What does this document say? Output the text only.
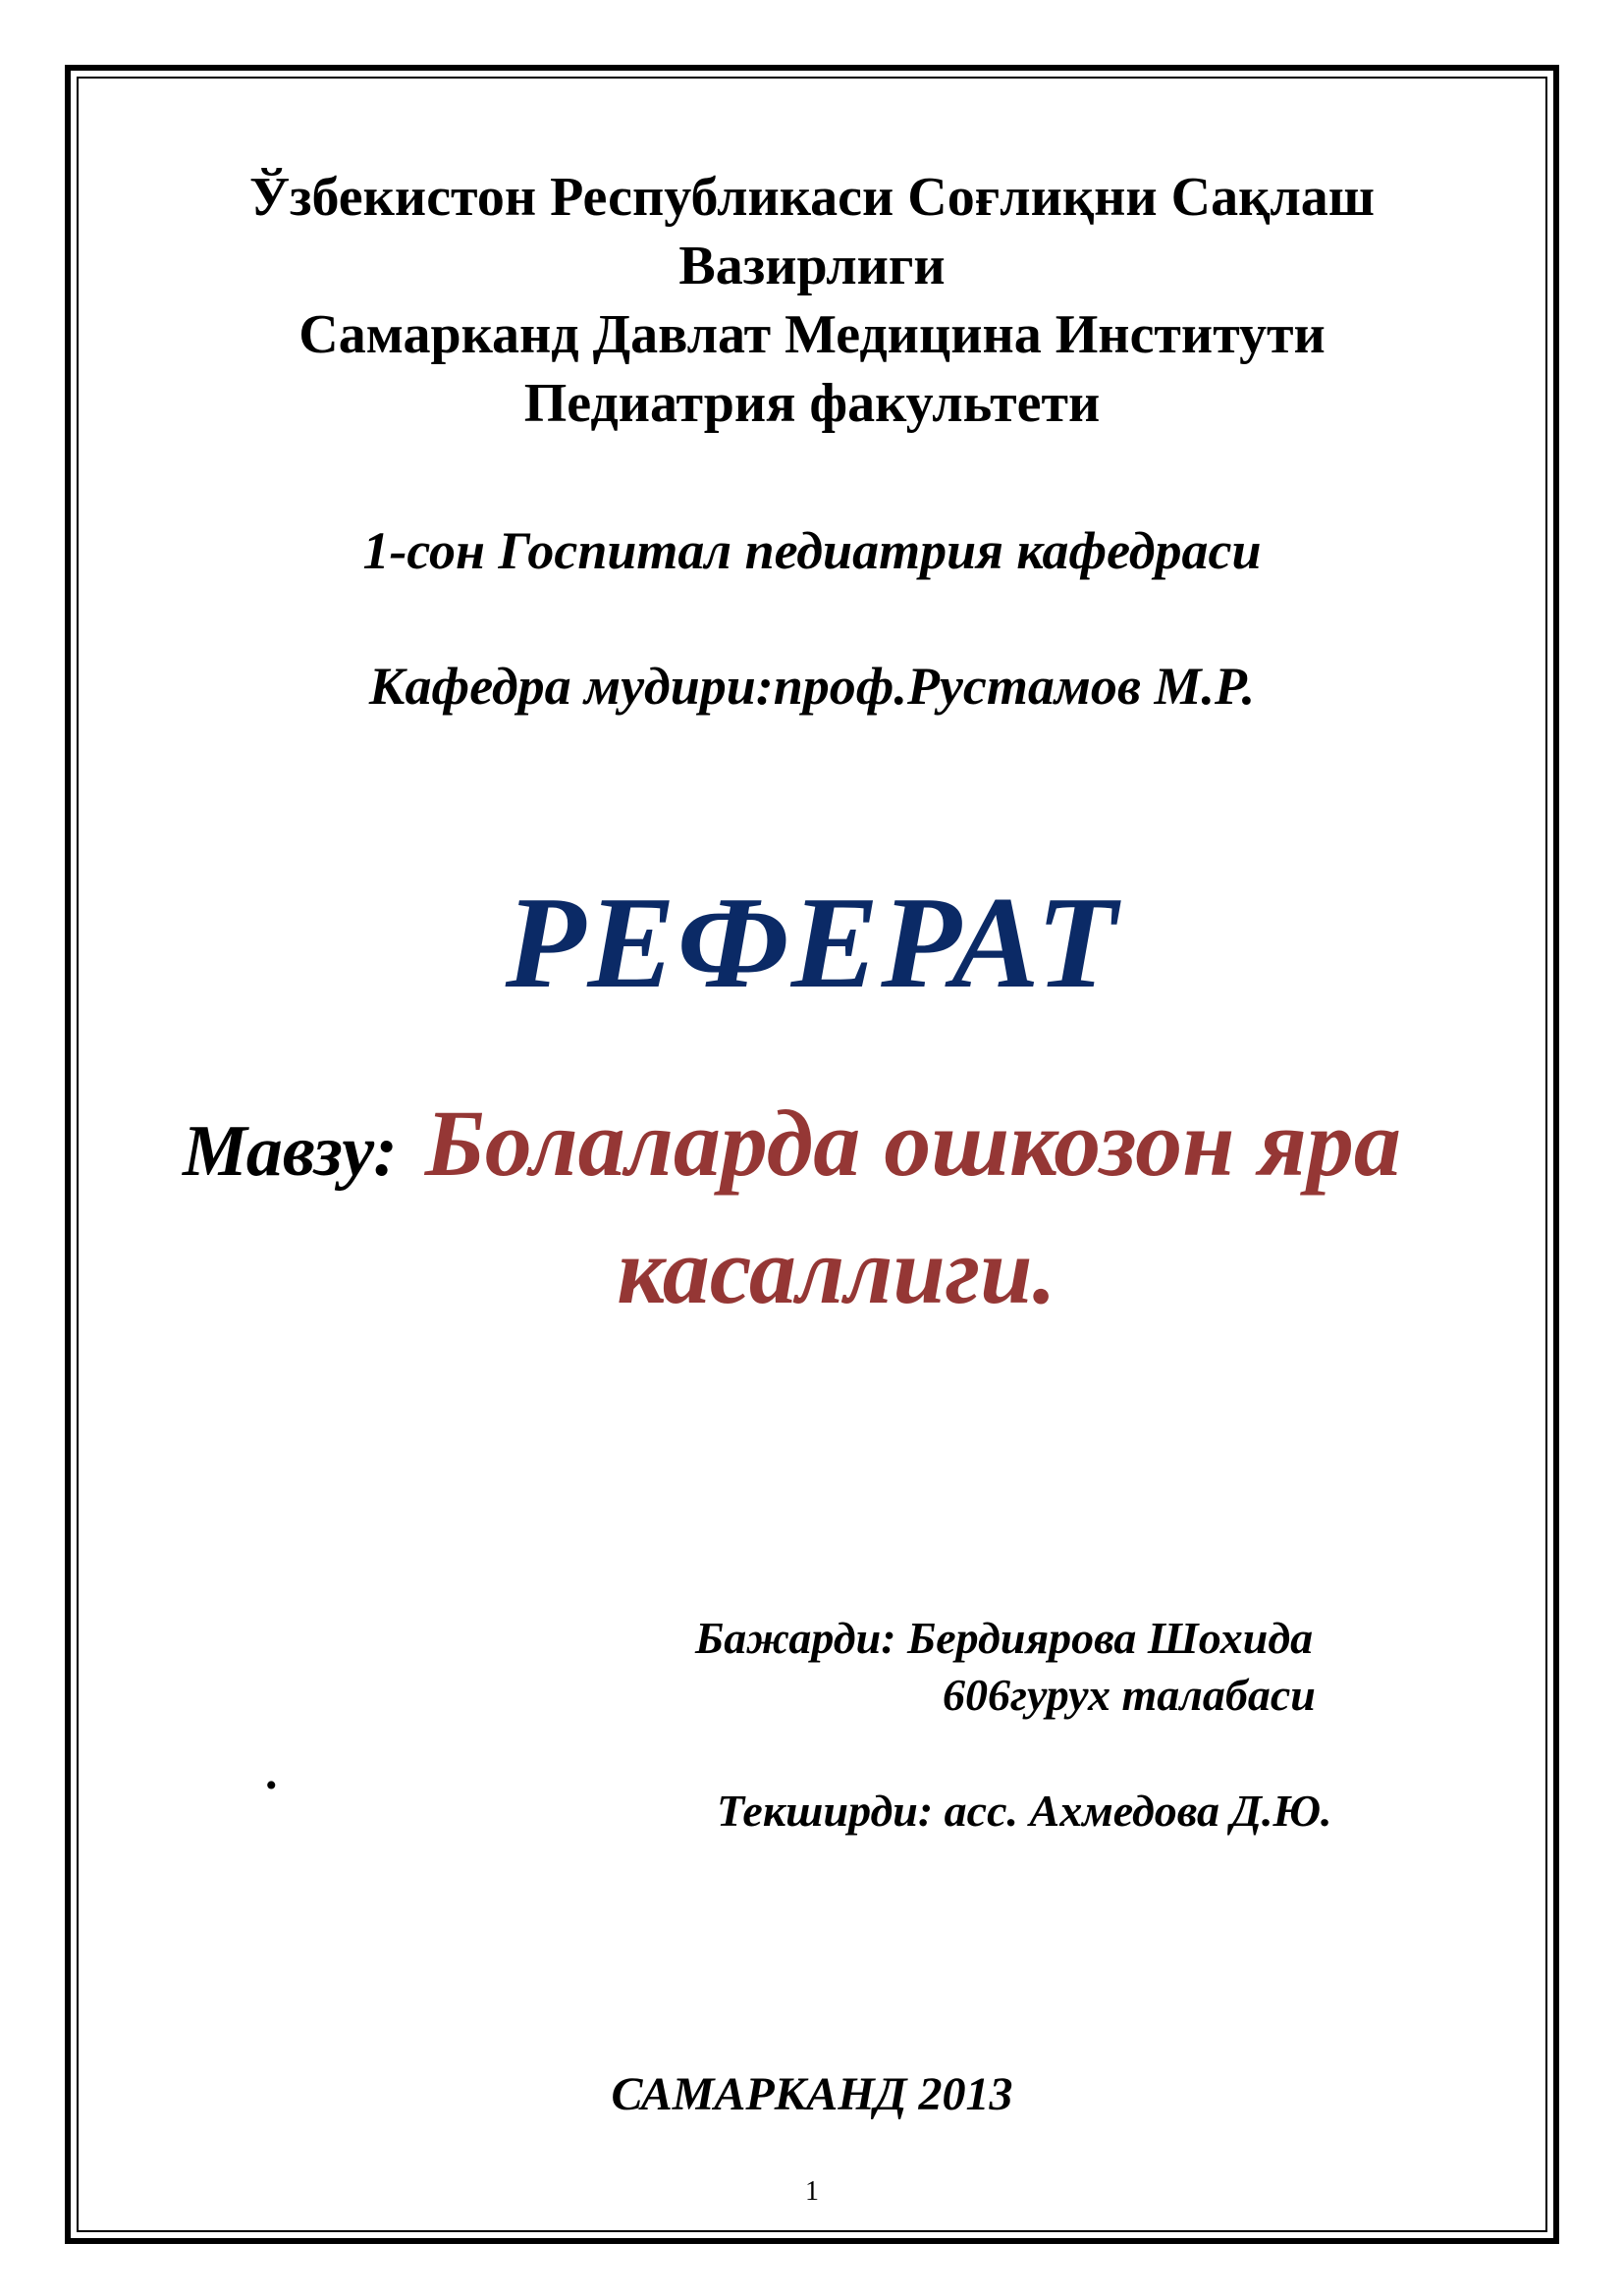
Ўзбекистон Республикаси Соғлиқни Сақлаш
Вазирлиги
Самарканд Давлат Медицина Институти
Педиатрия факультети
1-сон Госпитал педиатрия кафедраси
Кафедра мудири:проф.Рустамов М.Р.
РЕФЕРАТ
Мавзу: Болаларда ошкозон яра
касаллиги.
Бажарди: Бердиярова Шохида
606гурух талабаси
.
Текширди: асс. Ахмедова Д.Ю.
САМАРКАНД 2013
1
